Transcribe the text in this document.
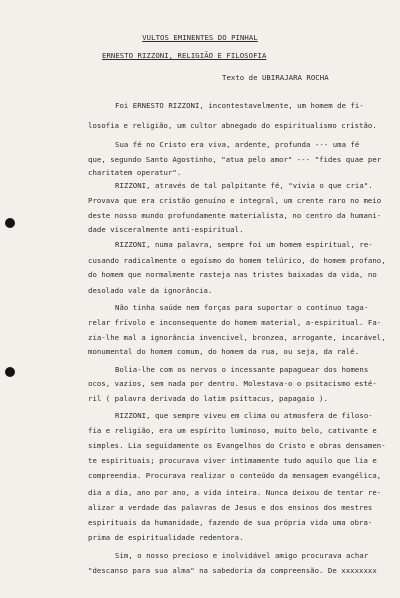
VULTOS EMINENTES DO PINHAL
ERNESTO RIZZONI, RELIGIÃO E FILOSOFIA
Texto de UBIRAJARA ROCHA
Foi ERNESTO RIZZONI, incontestavelmente, um homem de fi-
losofia e religião, um cultor abnegado do espiritualismo cristão.
Sua fé no Cristo era viva, ardente, profunda --- uma fé
que, segundo Santo Agostinho, "atua pelo amor" --- "fides quae per
charitatem operatur".
RIZZONI, através de tal palpitante fé, "vivia o que cria".
Provava que era cristão genuíno e integral, um crente raro no meio
deste nosso mundo profundamente materialista, no centro da humani-
dade visceralmente anti-espiritual.
RIZZONI, numa palavra, sempre foi um homem espiritual, re-
cusando radicalmente o egoísmo do homem telúrico, do homem profano,
do homem que normalmente rasteja nas tristes baixadas da vida, no
desolado vale da ignorância.
Não tinha saúde nem forças para suportar o contínuo taga-
relar frívolo e inconsequente do homem material, a-espiritual. Fa-
zia-lhe mal a ignorância invencível, bronzea, arrogante, incarável,
monumental do homem comum, do homem da rua, ou seja, da ralé.
Bolia-lhe com os nervos o incessante papaguear dos homens
ocos, vazios, sem nada por dentro. Molestava-o o psitacismo esté-
ril ( palavra derivada do latim psittacus, papagaio ).
RIZZONI, que sempre viveu em clima ou atmosfera de filoso-
fia e religião, era um espírito luminoso, muito belo, cativante e
simples. Lia seguidamente os Evangelhos do Cristo e obras densamen-
te espirituais; procurava viver intimamente tudo aquilo que lia e
compreendia. Procurava realizar o conteúdo da mensagem evangélica,
dia a dia, ano por ano, a vida inteira. Nunca deixou de tentar re-
alizar a verdade das palavras de Jesus e dos ensinos dos mestres
espirituais da humanidade, fazendo de sua própria vida uma obra-
prima de espiritualidade redentora.
Sim, o nosso precioso e inolvidável amigo procurava achar
"descanso para sua alma" na sabedoria da compreensão. De xxxxxxxx
